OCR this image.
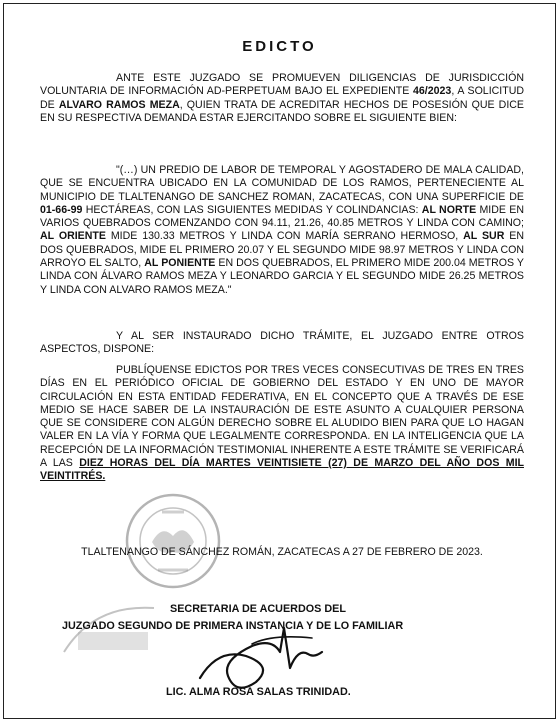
EDICTO
ANTE ESTE JUZGADO SE PROMUEVEN DILIGENCIAS DE JURISDICCIÓN VOLUNTARIA DE INFORMACIÓN AD-PERPETUAM BAJO EL EXPEDIENTE 46/2023, A SOLICITUD DE ALVARO RAMOS MEZA, QUIEN TRATA DE ACREDITAR HECHOS DE POSESIÓN QUE DICE EN SU RESPECTIVA DEMANDA ESTAR EJERCITANDO SOBRE EL SIGUIENTE BIEN:
"(…) UN PREDIO DE LABOR DE TEMPORAL Y AGOSTADERO DE MALA CALIDAD, QUE SE ENCUENTRA UBICADO EN LA COMUNIDAD DE LOS RAMOS, PERTENECIENTE AL MUNICIPIO DE TLALTENANGO DE SANCHEZ ROMAN, ZACATECAS, CON UNA SUPERFICIE DE 01-66-99 HECTÁREAS, CON LAS SIGUIENTES MEDIDAS Y COLINDANCIAS: AL NORTE MIDE EN VARIOS QUEBRADOS COMENZANDO CON 94.11, 21.26, 40.85 METROS Y LINDA CON CAMINO; AL ORIENTE MIDE 130.33 METROS Y LINDA CON MARÍA SERRANO HERMOSO, AL SUR EN DOS QUEBRADOS, MIDE EL PRIMERO 20.07 Y EL SEGUNDO MIDE 98.97 METROS Y LINDA CON ARROYO EL SALTO, AL PONIENTE EN DOS QUEBRADOS, EL PRIMERO MIDE 200.04 METROS Y LINDA CON ÁLVARO RAMOS MEZA Y LEONARDO GARCIA Y EL SEGUNDO MIDE 26.25 METROS Y LINDA CON ALVARO RAMOS MEZA."
Y AL SER INSTAURADO DICHO TRÁMITE, EL JUZGADO ENTRE OTROS ASPECTOS, DISPONE:
PUBLÍQUENSE EDICTOS POR TRES VECES CONSECUTIVAS DE TRES EN TRES DÍAS EN EL PERIÓDICO OFICIAL DE GOBIERNO DEL ESTADO Y EN UNO DE MAYOR CIRCULACIÓN EN ESTA ENTIDAD FEDERATIVA, EN EL CONCEPTO QUE A TRAVÉS DE ESE MEDIO SE HACE SABER DE LA INSTAURACIÓN DE ESTE ASUNTO A CUALQUIER PERSONA QUE SE CONSIDERE CON ALGÚN DERECHO SOBRE EL ALUDIDO BIEN PARA QUE LO HAGAN VALER EN LA VÍA Y FORMA QUE LEGALMENTE CORRESPONDA. EN LA INTELIGENCIA QUE LA RECEPCIÓN DE LA INFORMACIÓN TESTIMONIAL INHERENTE A ESTE TRÁMITE SE VERIFICARÁ A LAS DIEZ HORAS DEL DÍA MARTES VEINTISIETE (27) DE MARZO DEL AÑO DOS MIL VEINTITRÉS.
TLALTENANGO DE SÁNCHEZ ROMÁN, ZACATECAS A 27 DE FEBRERO DE 2023.
SECRETARIA DE ACUERDOS DEL
JUZGADO SEGUNDO DE PRIMERA INSTANCIA Y DE LO FAMILIAR
LIC. ALMA ROSA SALAS TRINIDAD.
